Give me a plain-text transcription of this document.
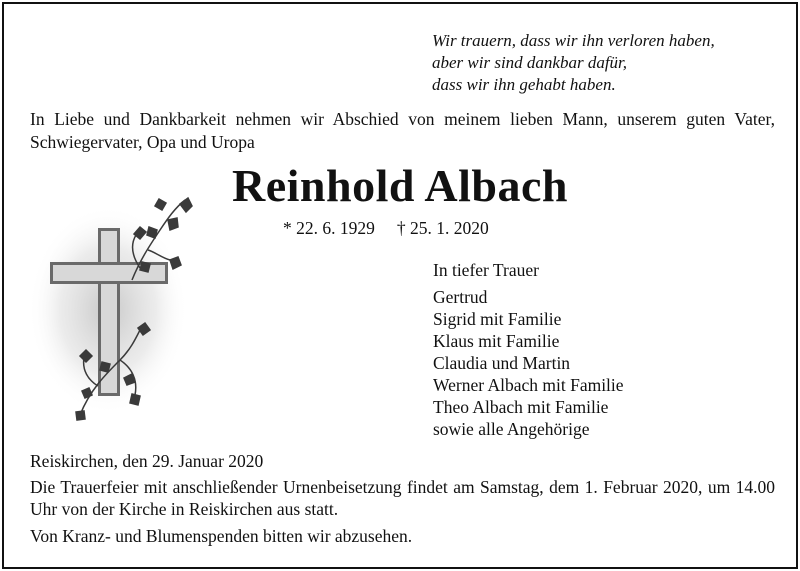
Wir trauern, dass wir ihn verloren haben,
aber wir sind dankbar dafür,
dass wir ihn gehabt haben.
In Liebe und Dankbarkeit nehmen wir Abschied von meinem lieben Mann, unserem guten Vater, Schwiegervater, Opa und Uropa
Reinhold Albach
* 22. 6. 1929 † 25. 1. 2020
In tiefer Trauer
Gertrud
Sigrid mit Familie
Klaus mit Familie
Claudia und Martin
Werner Albach mit Familie
Theo Albach mit Familie
sowie alle Angehörige
Reiskirchen, den 29. Januar 2020
Die Trauerfeier mit anschließender Urnenbeisetzung findet am Samstag, dem 1. Februar 2020, um 14.00 Uhr von der Kirche in Reiskirchen aus statt.
Von Kranz- und Blumenspenden bitten wir abzusehen.
